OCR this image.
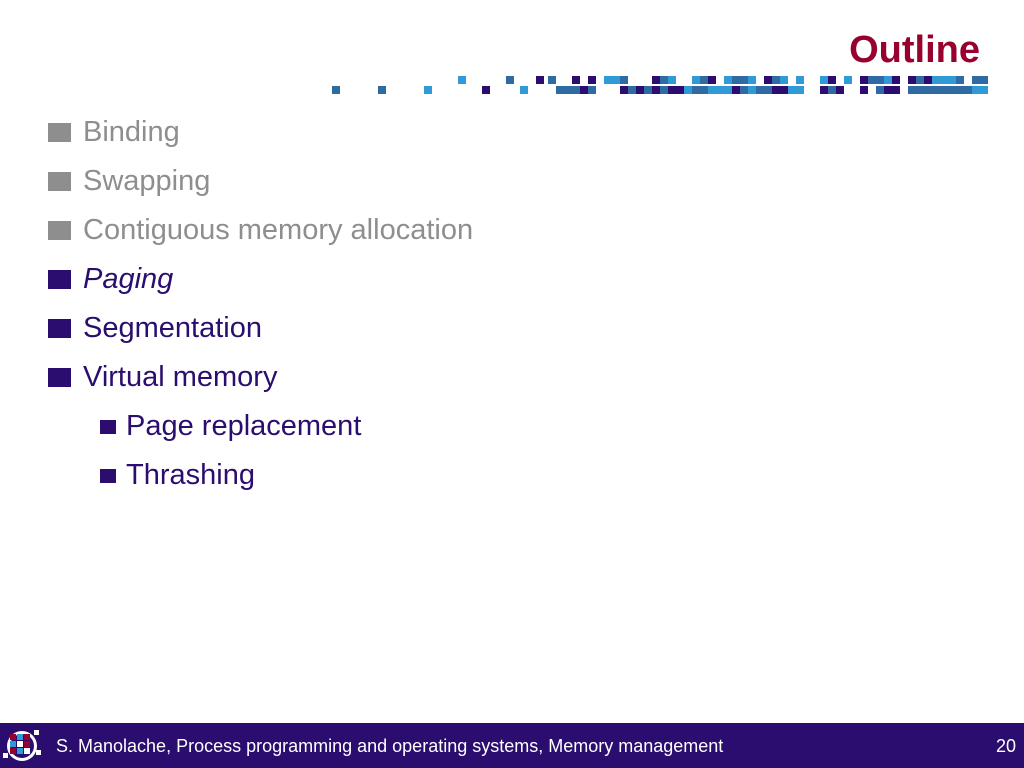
Outline
Binding
Swapping
Contiguous memory allocation
Paging
Segmentation
Virtual memory
Page replacement
Thrashing
S. Manolache, Process programming and operating systems, Memory management	20
